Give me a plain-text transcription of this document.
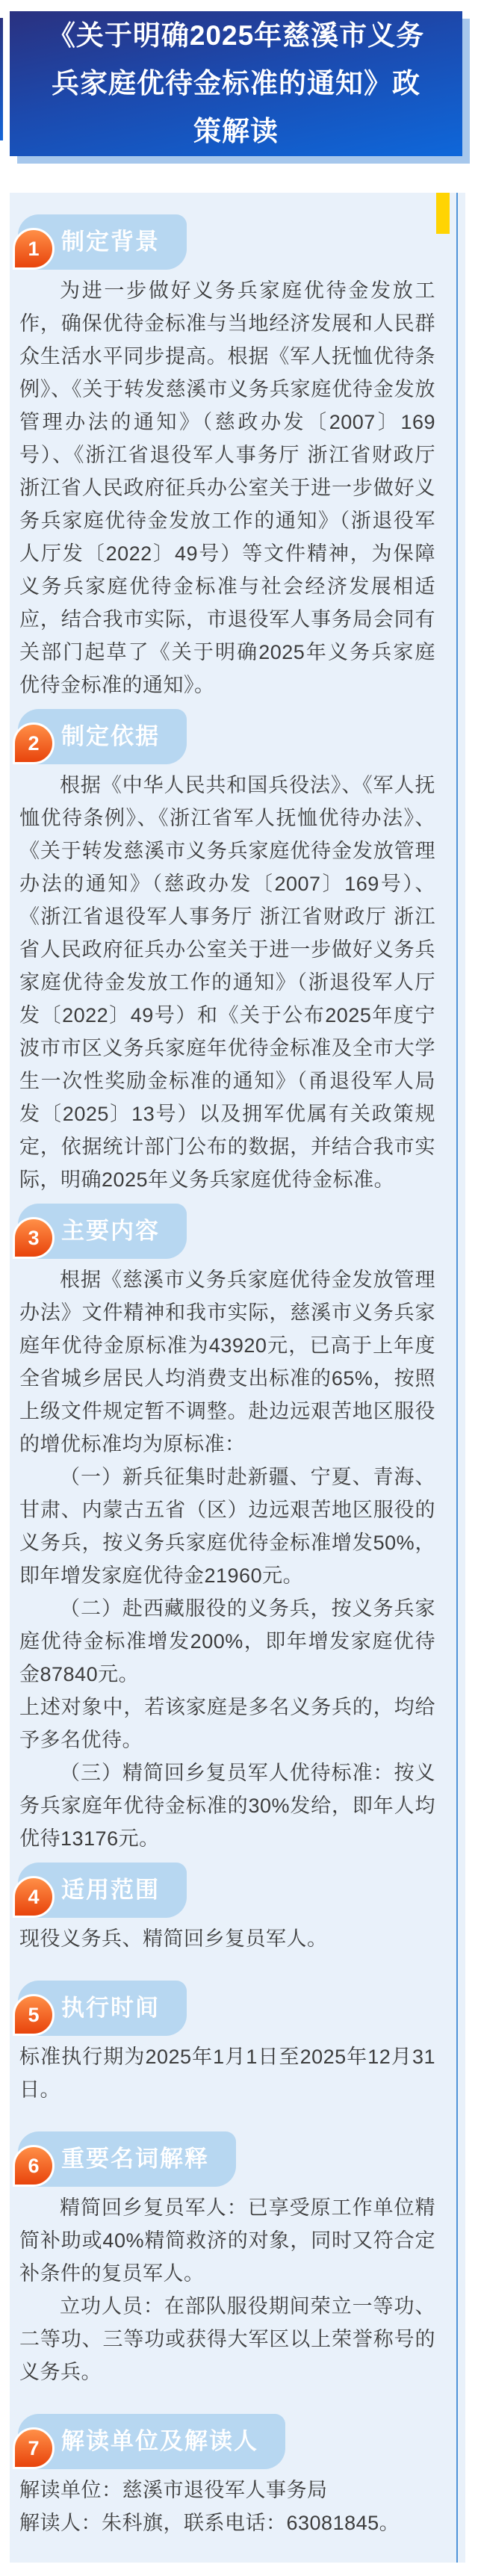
《关于明确2025年慈溪市义务兵家庭优待金标准的通知》政策解读
制定背景
1

为进一步做好义务兵家庭优待金发放工作，确保优待金标准与当地经济发展和人民群众生活水平同步提高。根据《军人抚恤优待条例》、《关于转发慈溪市义务兵家庭优待金发放管理办法的通知》（慈政办发〔2007〕169号）、《浙江省退役军人事务厅 浙江省财政厅 浙江省人民政府征兵办公室关于进一步做好义务兵家庭优待金发放工作的通知》（浙退役军人厅发〔2022〕49号）等文件精神，为保障义务兵家庭优待金标准与社会经济发展相适应，结合我市实际，市退役军人事务局会同有关部门起草了《关于明确2025年义务兵家庭优待金标准的通知》。

制定依据
2

根据《中华人民共和国兵役法》、《军人抚恤优待条例》、《浙江省军人抚恤优待办法》、《关于转发慈溪市义务兵家庭优待金发放管理办法的通知》（慈政办发〔2007〕169号）、《浙江省退役军人事务厅 浙江省财政厅 浙江省人民政府征兵办公室关于进一步做好义务兵家庭优待金发放工作的通知》（浙退役军人厅发〔2022〕49号）和《关于公布2025年度宁波市市区义务兵家庭年优待金标准及全市大学生一次性奖励金标准的通知》（甬退役军人局发〔2025〕13号）以及拥军优属有关政策规定，依据统计部门公布的数据，并结合我市实际，明确2025年义务兵家庭优待金标准。

主要内容
3

根据《慈溪市义务兵家庭优待金发放管理办法》文件精神和我市实际，慈溪市义务兵家庭年优待金原标准为43920元，已高于上年度全省城乡居民人均消费支出标准的65%，按照上级文件规定暂不调整。赴边远艰苦地区服役的增优标准均为原标准：

（一）新兵征集时赴新疆、宁夏、青海、甘肃、内蒙古五省（区）边远艰苦地区服役的义务兵，按义务兵家庭优待金标准增发50%，即年增发家庭优待金21960元。

（二）赴西藏服役的义务兵，按义务兵家庭优待金标准增发200%，即年增发家庭优待金87840元。

上述对象中，若该家庭是多名义务兵的，均给予多名优待。

（三）精简回乡复员军人优待标准：按义务兵家庭年优待金标准的30%发给，即年人均优待13176元。

适用范围
4

现役义务兵、精简回乡复员军人。

执行时间
5

标准执行期为2025年1月1日至2025年12月31日。

重要名词解释
6

精简回乡复员军人：已享受原工作单位精简补助或40%精简救济的对象，同时又符合定补条件的复员军人。

立功人员：在部队服役期间荣立一等功、二等功、三等功或获得大军区以上荣誉称号的义务兵。

解读单位及解读人
7

解读单位：慈溪市退役军人事务局

解读人：朱科旗，联系电话：63081845。
